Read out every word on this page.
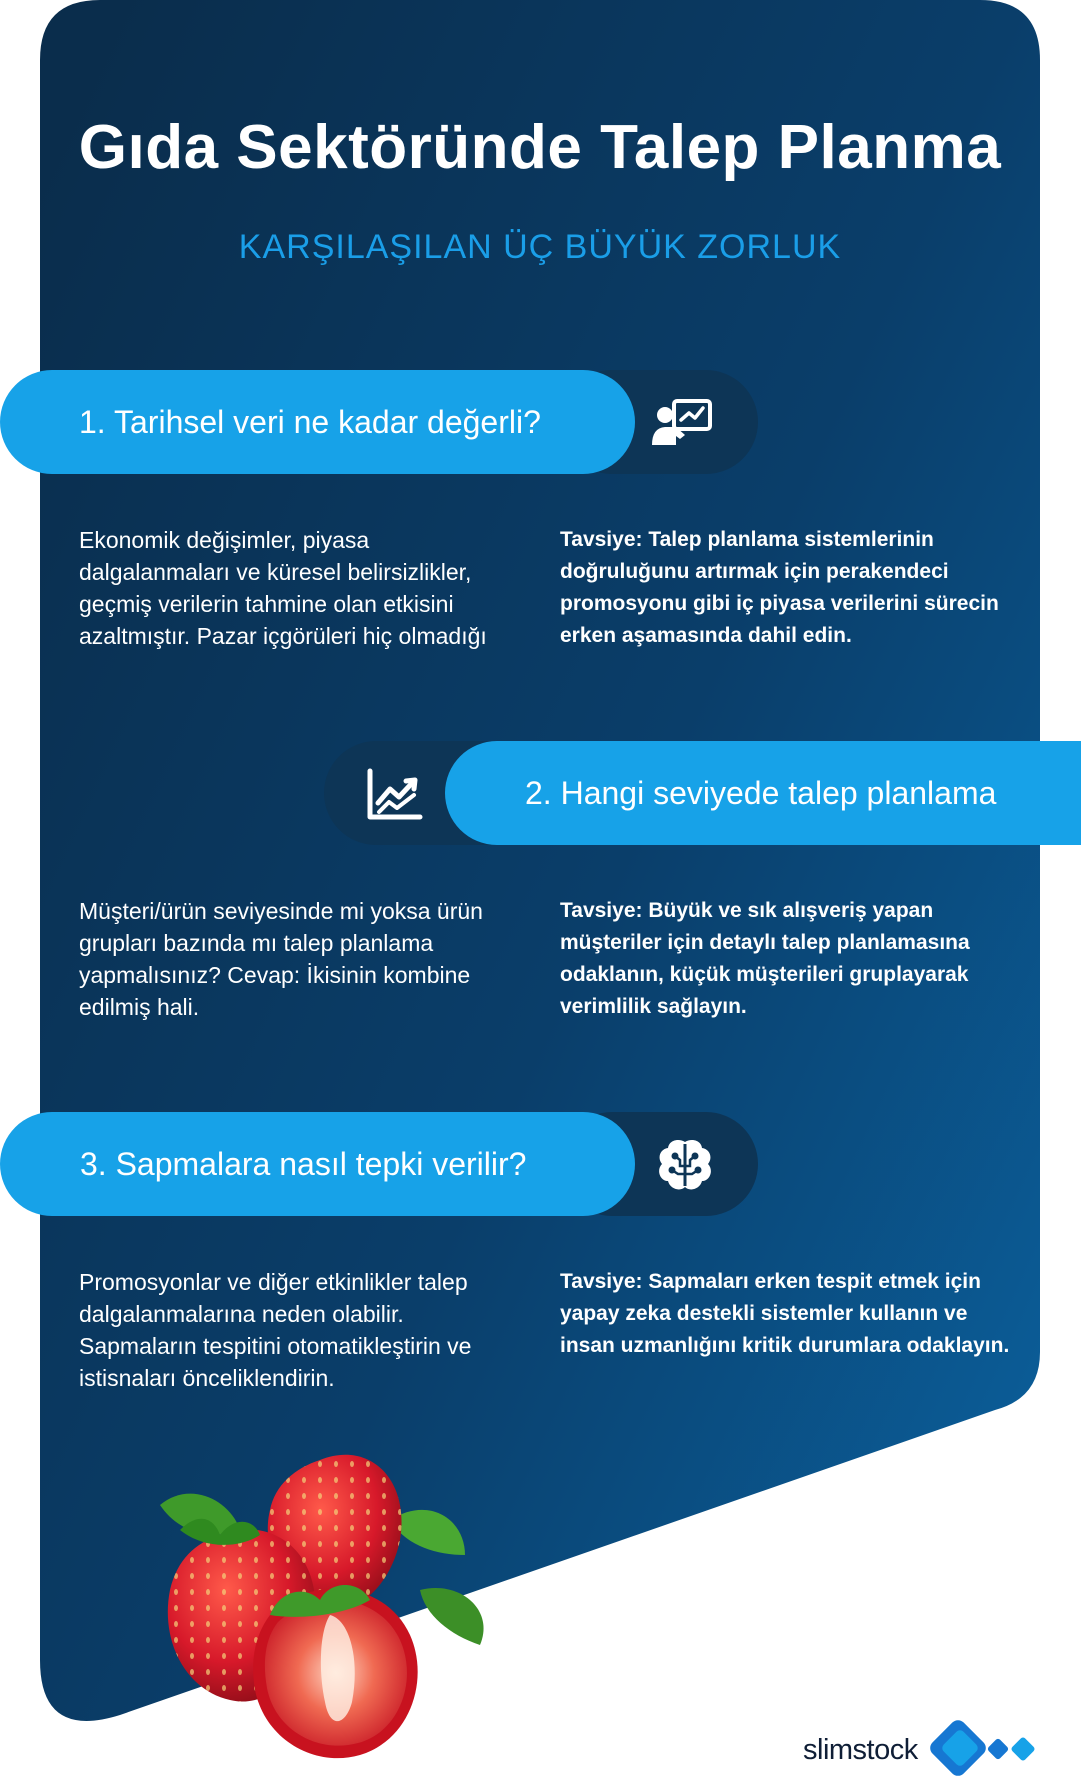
Gıda Sektöründe Talep Planma

KARŞILAŞILAN ÜÇ BÜYÜK ZORLUK

1. Tarihsel veri ne kadar değerli?

Ekonomik değişimler, piyasa dalgalanmaları ve küresel belirsizlikler, geçmiş verilerin tahmine olan etkisini azaltmıştır. Pazar içgörüleri hiç olmadığı

Tavsiye: Talep planlama sistemlerinin doğruluğunu artırmak için perakendeci promosyonu gibi iç piyasa verilerini sürecin erken aşamasında dahil edin.

2. Hangi seviyede talep planlama

Müşteri/ürün seviyesinde mi yoksa ürün grupları bazında mı talep planlama yapmalısınız? Cevap: İkisinin kombine edilmiş hali.

Tavsiye: Büyük ve sık alışveriş yapan müşteriler için detaylı talep planlamasına odaklanın, küçük müşterileri gruplayarak verimlilik sağlayın.

3. Sapmalara nasıl tepki verilir?

Promosyonlar ve diğer etkinlikler talep dalgalanmalarına neden olabilir. Sapmaların tespitini otomatikleştirin ve istisnaları önceliklendirin.

Tavsiye: Sapmaları erken tespit etmek için yapay zeka destekli sistemler kullanın ve insan uzmanlığını kritik durumlara odaklayın.

slimstock
